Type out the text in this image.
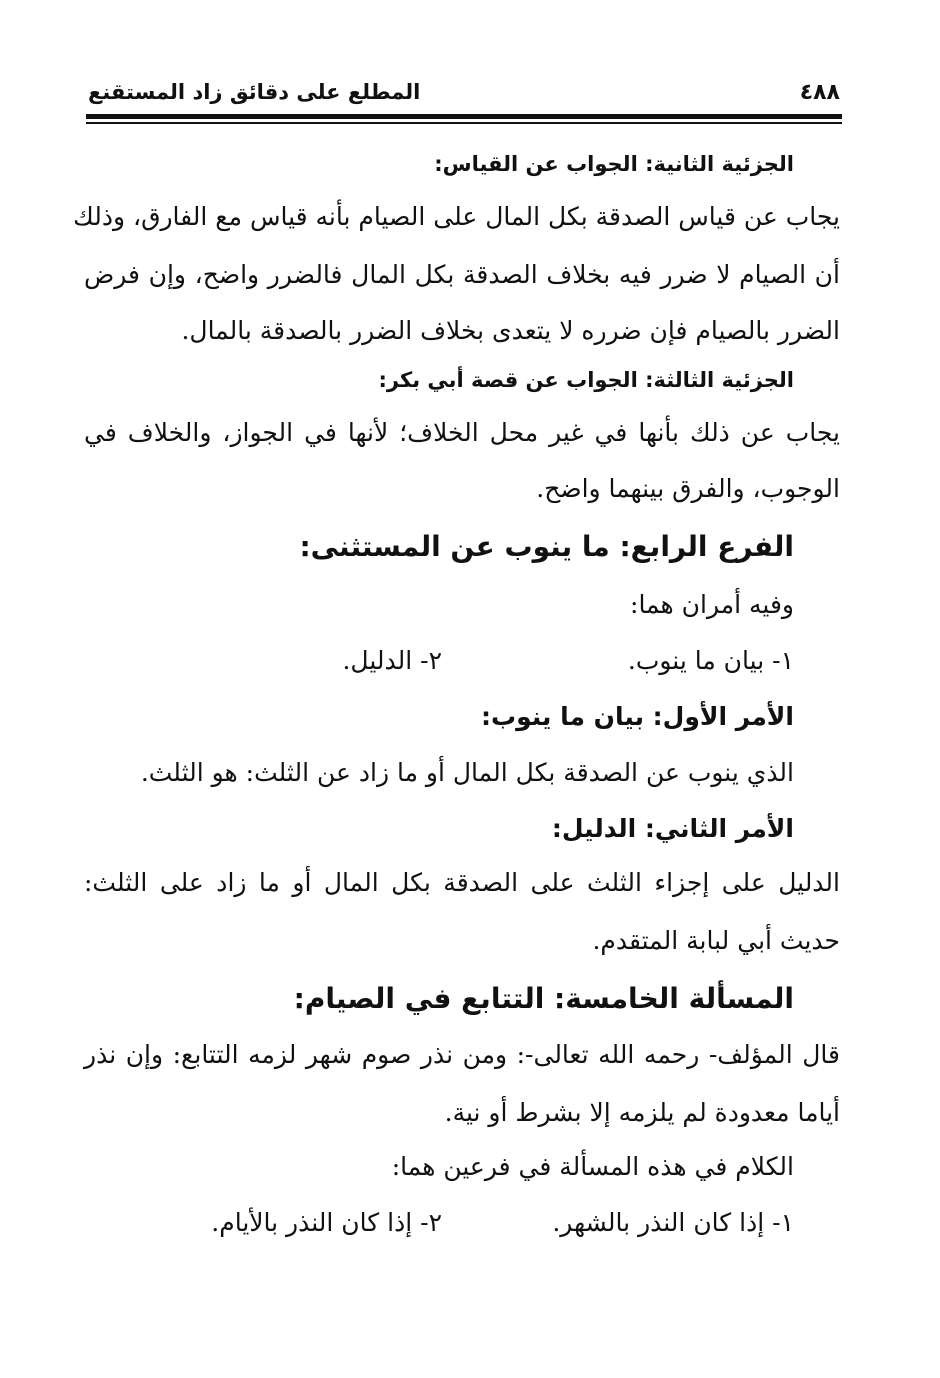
٤٨٨
المطلع على دقائق زاد المستقنع
الجزئية الثانية: الجواب عن القياس:
يجاب عن قياس الصدقة بكل المال على الصيام بأنه قياس مع الفارق، وذلك
أن الصيام لا ضرر فيه بخلاف الصدقة بكل المال فالضرر واضح، وإن فرض
الضرر بالصيام فإن ضرره لا يتعدى بخلاف الضرر بالصدقة بالمال.
الجزئية الثالثة: الجواب عن قصة أبي بكر:
يجاب عن ذلك بأنها في غير محل الخلاف؛ لأنها في الجواز، والخلاف في
الوجوب، والفرق بينهما واضح.
الفرع الرابع: ما ينوب عن المستثنى:
وفيه أمران هما:
١- بيان ما ينوب.
٢- الدليل.
الأمر الأول: بيان ما ينوب:
الذي ينوب عن الصدقة بكل المال أو ما زاد عن الثلث: هو الثلث.
الأمر الثاني: الدليل:
الدليل على إجزاء الثلث على الصدقة بكل المال أو ما زاد على الثلث:
حديث أبي لبابة المتقدم.
المسألة الخامسة: التتابع في الصيام:
قال المؤلف- رحمه الله تعالى-: ومن نذر صوم شهر لزمه التتابع: وإن نذر
أياما معدودة لم يلزمه إلا بشرط أو نية.
الكلام في هذه المسألة في فرعين هما:
١- إذا كان النذر بالشهر.
٢- إذا كان النذر بالأيام.
